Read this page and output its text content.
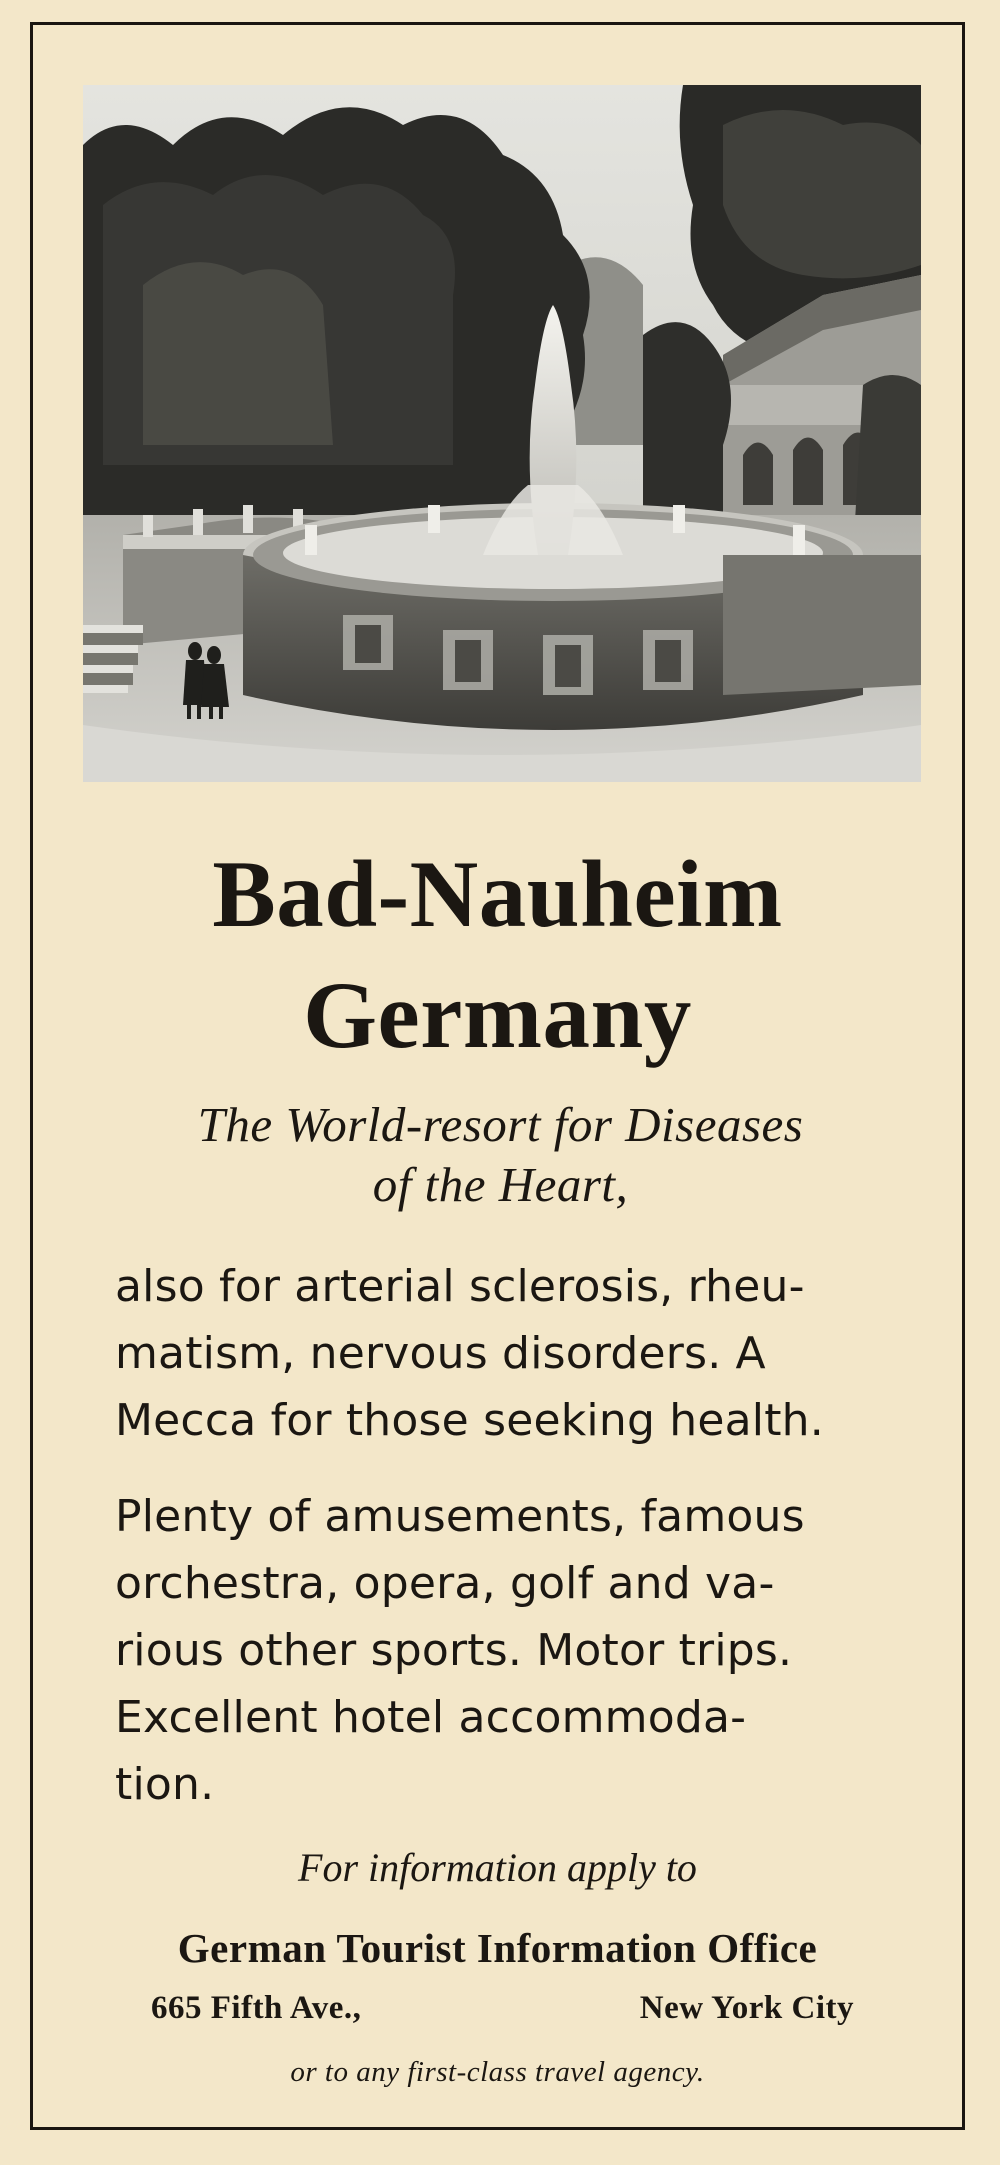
Bad-Nauheim
Germany
The World-resort for Diseases
of the Heart,
also for arterial sclerosis, rheu-
matism, nervous disorders. A
Mecca for those seeking health.
Plenty of amusements, famous
orchestra, opera, golf and va-
rious other sports. Motor trips.
Excellent hotel accommoda-
tion.
For information apply to
German Tourist Information Office
665 Fifth Ave.,	New York City
or to any first-class travel agency.
